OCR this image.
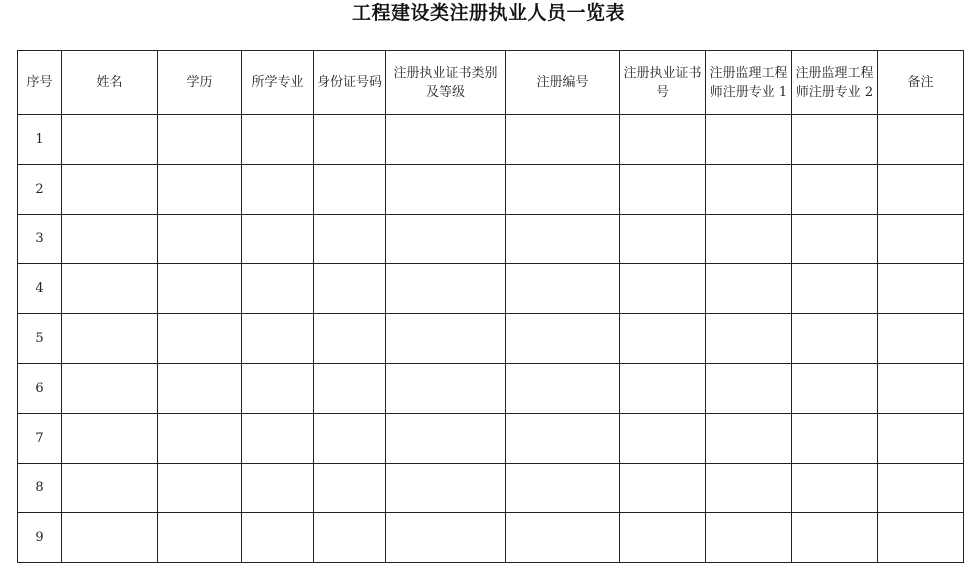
工程建设类注册执业人员一览表
序号	姓名	学历	所学专业	身份证号码	注册执业证书类别及等级	注册编号	注册执业证书号	注册监理工程师注册专业 1	注册监理工程师注册专业 2	备注
1										
2										
3										
4										
5										
6										
7										
8										
9										
